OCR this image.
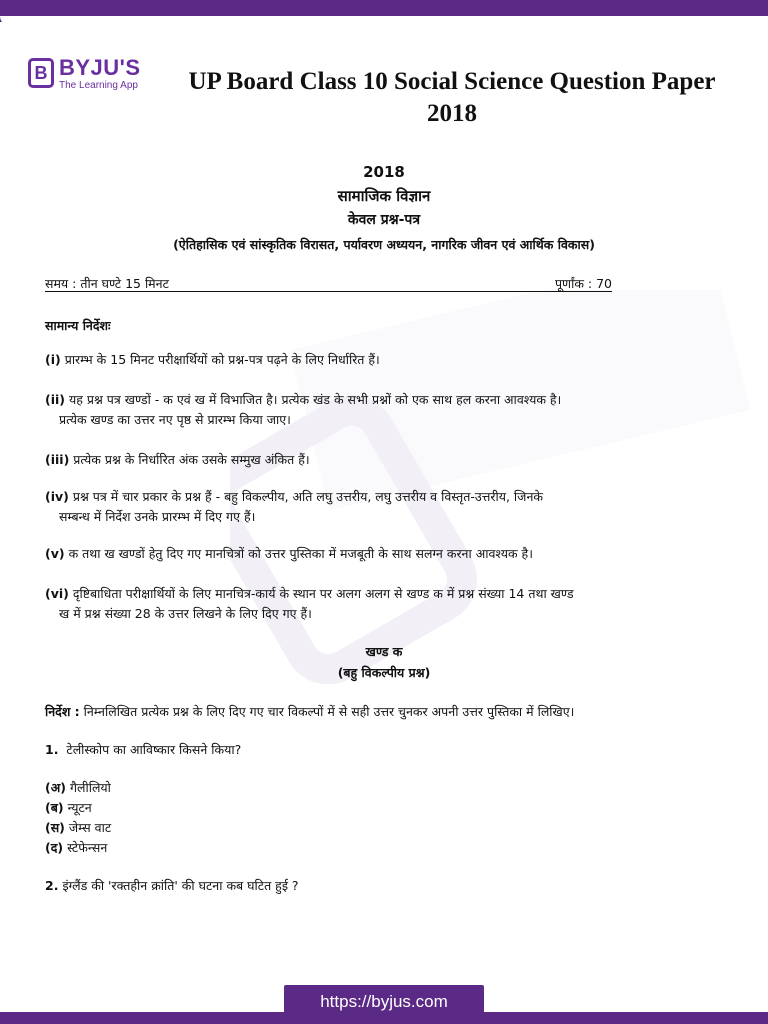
B BYJU'S
The Learning App	UP Board Class 10 Social Science Question Paper 2018
2018
सामाजिक विज्ञान
केवल प्रश्न-पत्र
(ऐतिहासिक एवं सांस्कृतिक विरासत, पर्यावरण अध्ययन, नागरिक जीवन एवं आर्थिक विकास)
समय : तीन घण्टे 15 मिनट	पूर्णांक : 70
सामान्य निर्देशः
(i) प्रारम्भ के 15 मिनट परीक्षार्थियों को प्रश्न-पत्र पढ़ने के लिए निर्धारित हैं।
(ii) यह प्रश्न पत्र खण्डों - क एवं ख में विभाजित है। प्रत्येक खंड के सभी प्रश्नों को एक साथ हल करना आवश्यक है।
प्रत्येक खण्ड का उत्तर नए पृष्ठ से प्रारम्भ किया जाए।
(iii) प्रत्येक प्रश्न के निर्धारित अंक उसके सम्मुख अंकित हैं।
(iv) प्रश्न पत्र में चार प्रकार के प्रश्न हैं - बहु विकल्पीय, अति लघु उत्तरीय, लघु उत्तरीय व विस्तृत-उत्तरीय, जिनके
सम्बन्ध में निर्देश उनके प्रारम्भ में दिए गए हैं।
(v) क तथा ख खण्डों हेतु दिए गए मानचित्रों को उत्तर पुस्तिका में मजबूती के साथ सलग्न करना आवश्यक है।
(vi) दृष्टिबाधिता परीक्षार्थियों के लिए मानचित्र-कार्य के स्थान पर अलग अलग से खण्ड क में प्रश्न संख्या 14 तथा खण्ड
ख में प्रश्न संख्या 28 के उत्तर लिखने के लिए दिए गए हैं।
खण्ड क
(बहु विकल्पीय प्रश्न)
निर्देश : निम्नलिखित प्रत्येक प्रश्न के लिए दिए गए चार विकल्पों में से सही उत्तर चुनकर अपनी उत्तर पुस्तिका में लिखिए।
1. टेलीस्कोप का आविष्कार किसने किया?
(अ) गैलीलियो
(ब) न्यूटन
(स) जेम्स वाट
(द) स्टेफेन्सन
2. इंग्लैंड की 'रक्तहीन क्रांति' की घटना कब घटित हुई ?
https://byjus.com
